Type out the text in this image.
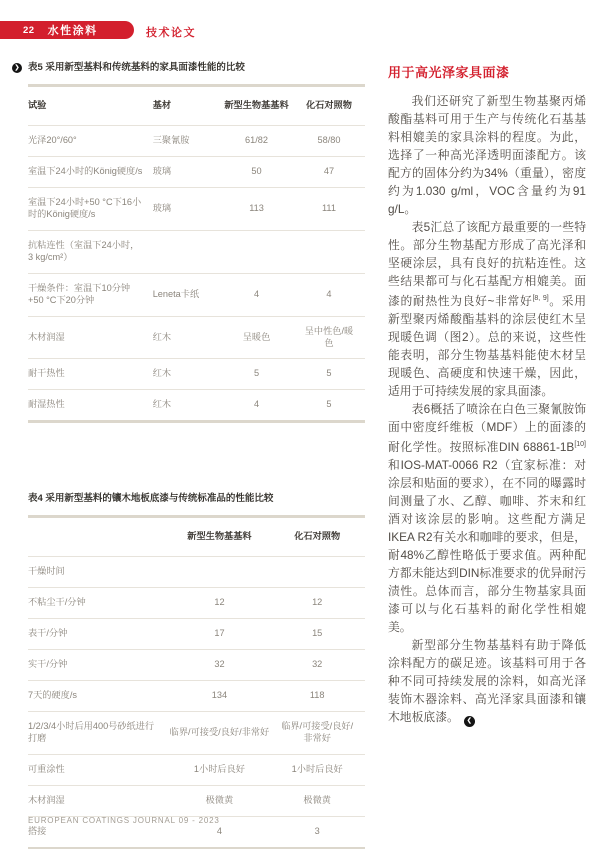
22 水性涂料	技术论文
❯ 表5 采用新型基料和传统基料的家具面漆性能的比较
试验	基材	新型生物基基料	化石对照物
光泽20°/60°	三聚氰胺	61/82	58/80
室温下24小时的König硬度/s	玻璃	50	47
室温下24小时+50 °C下16小时的König硬度/s	玻璃	113	111
抗粘连性（室温下24小时，3 kg/cm²）			
干燥条件：室温下10分钟+50 °C下20分钟	Leneta卡纸	4	4
木材润湿	红木	呈暖色	呈中性色/暖色
耐干热性	红木	5	5
耐湿热性	红木	4	5
表4 采用新型基料的镶木地板底漆与传统标准品的性能比较
	新型生物基基料	化石对照物
干燥时间		
不粘尘干/分钟	12	12
表干/分钟	17	15
实干/分钟	32	32
7天的硬度/s	134	118
1/2/3/4小时后用400号砂纸进行打磨	临界/可接受/良好/非常好	临界/可接受/良好/非常好
可重涂性	1小时后良好	1小时后良好
木材润湿	极微黄	极微黄
搭接	4	3
用于高光泽家具面漆

我们还研究了新型生物基聚丙烯酸酯基料可用于生产与传统化石基基料相媲美的家具涂料的程度。为此，选择了一种高光泽透明面漆配方。该配方的固体分约为34%（重量），密度约为1.030 g/ml，VOC含量约为91 g/L。

表5汇总了该配方最重要的一些特性。部分生物基配方形成了高光泽和坚硬涂层，具有良好的抗粘连性。这些结果都可与化石基配方相媲美。面漆的耐热性为良好~非常好[8, 9]。采用新型聚丙烯酸酯基料的涂层使红木呈现暖色调（图2）。总的来说，这些性能表明，部分生物基基料能使木材呈现暖色、高硬度和快速干燥，因此，适用于可持续发展的家具面漆。

表6概括了喷涂在白色三聚氰胺饰面中密度纤维板（MDF）上的面漆的耐化学性。按照标准DIN 68861-1B[10]和IOS-MAT-0066 R2（宜家标准：对涂层和贴面的要求），在不同的曝露时间测量了水、乙醇、咖啡、芥末和红酒对该涂层的影响。这些配方满足IKEA R2有关水和咖啡的要求，但是，耐48%乙醇性略低于要求值。两种配方都未能达到DIN标准要求的优异耐污渍性。总体而言，部分生物基家具面漆可以与化石基料的耐化学性相媲美。

新型部分生物基基料有助于降低涂料配方的碳足迹。该基料可用于各种不同可持续发展的涂料，如高光泽装饰木器涂料、高光泽家具面漆和镶木地板底漆。 ❮

EUROPEAN COATINGS JOURNAL 09 - 2023
